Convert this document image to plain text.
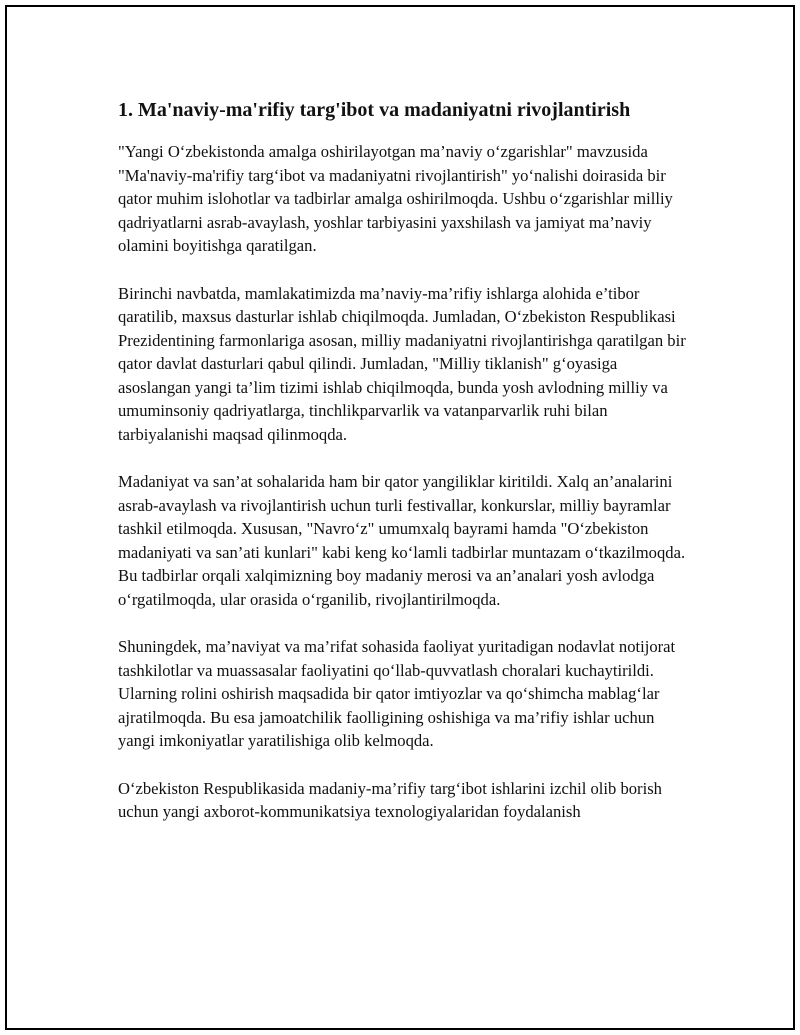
1. Ma'naviy-ma'rifiy targ'ibot va madaniyatni rivojlantirish

"Yangi O‘zbekistonda amalga oshirilayotgan ma’naviy o‘zgarishlar" mavzusida "Ma'naviy-ma'rifiy targ‘ibot va madaniyatni rivojlantirish" yo‘nalishi doirasida bir qator muhim islohotlar va tadbirlar amalga oshirilmoqda. Ushbu o‘zgarishlar milliy qadriyatlarni asrab-avaylash, yoshlar tarbiyasini yaxshilash va jamiyat ma’naviy olamini boyitishga qaratilgan.

Birinchi navbatda, mamlakatimizda ma’naviy-ma’rifiy ishlarga alohida e’tibor qaratilib, maxsus dasturlar ishlab chiqilmoqda. Jumladan, O‘zbekiston Respublikasi Prezidentining farmonlariga asosan, milliy madaniyatni rivojlantirishga qaratilgan bir qator davlat dasturlari qabul qilindi. Jumladan, "Milliy tiklanish" g‘oyasiga asoslangan yangi ta’lim tizimi ishlab chiqilmoqda, bunda yosh avlodning milliy va umuminsoniy qadriyatlarga, tinchlikparvarlik va vatanparvarlik ruhi bilan tarbiyalanishi maqsad qilinmoqda.

Madaniyat va san’at sohalarida ham bir qator yangiliklar kiritildi. Xalq an’analarini asrab-avaylash va rivojlantirish uchun turli festivallar, konkurslar, milliy bayramlar tashkil etilmoqda. Xususan, "Navro‘z" umumxalq bayrami hamda "O‘zbekiston madaniyati va san’ati kunlari" kabi keng ko‘lamli tadbirlar muntazam o‘tkazilmoqda. Bu tadbirlar orqali xalqimizning boy madaniy merosi va an’analari yosh avlodga o‘rgatilmoqda, ular orasida o‘rganilib, rivojlantirilmoqda.

Shuningdek, ma’naviyat va ma’rifat sohasida faoliyat yuritadigan nodavlat notijorat tashkilotlar va muassasalar faoliyatini qo‘llab-quvvatlash choralari kuchaytirildi. Ularning rolini oshirish maqsadida bir qator imtiyozlar va qo‘shimcha mablag‘lar ajratilmoqda. Bu esa jamoatchilik faolligining oshishiga va ma’rifiy ishlar uchun yangi imkoniyatlar yaratilishiga olib kelmoqda.

O‘zbekiston Respublikasida madaniy-ma’rifiy targ‘ibot ishlarini izchil olib borish uchun yangi axborot-kommunikatsiya texnologiyalaridan foydalanish
